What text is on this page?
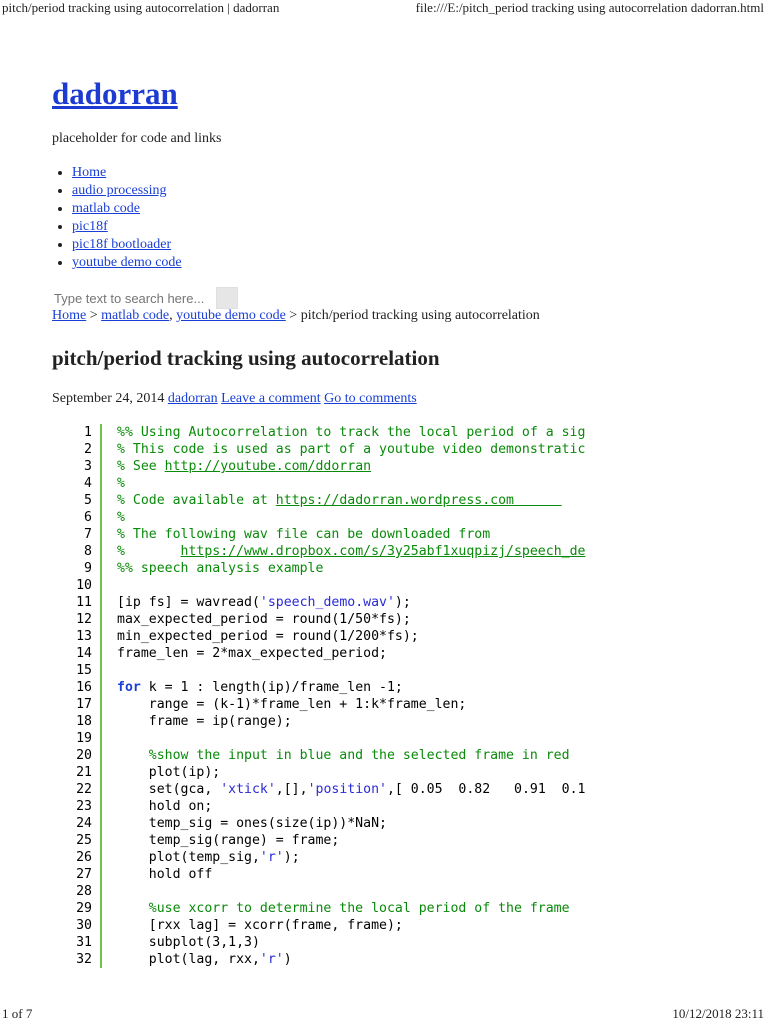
pitch/period tracking using autocorrelation | dadorran	file:///E:/pitch_period tracking using autocorrelation dadorran.html
dadorran
placeholder for code and links
• Home
• audio processing
• matlab code
• pic18f
• pic18f bootloader
• youtube demo code
Type text to search here...
Home > matlab code, youtube demo code > pitch/period tracking using autocorrelation
pitch/period tracking using autocorrelation
September 24, 2014 dadorran Leave a comment Go to comments
1 %% Using Autocorrelation to track the local period of a sig
2 % This code is used as part of a youtube video demonstratic
3 % See http://youtube.com/ddorran
4 %
5 % Code available at https://dadorran.wordpress.com
6 %
7 % The following wav file can be downloaded from
8 %       https://www.dropbox.com/s/3y25abf1xuqpizj/speech_de
9 %% speech analysis example
10
11 [ip fs] = wavread('speech_demo.wav');
12 max_expected_period = round(1/50*fs);
13 min_expected_period = round(1/200*fs);
14 frame_len = 2*max_expected_period;
15
16 for k = 1 : length(ip)/frame_len -1;
17 range = (k-1)*frame_len + 1:k*frame_len;
18 frame = ip(range);
19
20 %show the input in blue and the selected frame in red
21 plot(ip);
22 set(gca, 'xtick',[],'position',[ 0.05  0.82   0.91  0.1
23 hold on;
24 temp_sig = ones(size(ip))*NaN;
25 temp_sig(range) = frame;
26 plot(temp_sig,'r');
27 hold off
28
29 %use xcorr to determine the local period of the frame
30 [rxx lag] = xcorr(frame, frame);
31 subplot(3,1,3)
32 plot(lag, rxx,'r')
1 of 7	10/12/2018 23:11
